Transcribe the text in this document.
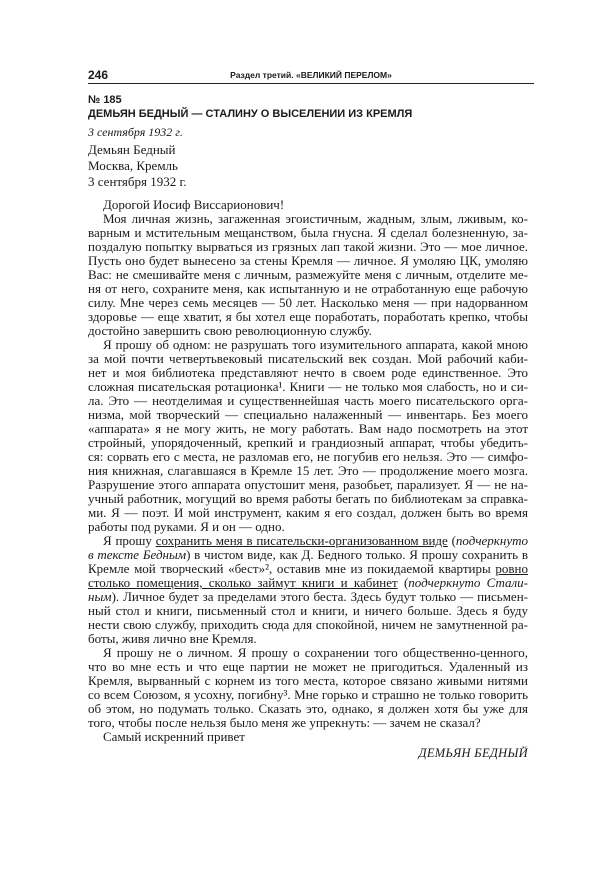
246	Раздел третий. «ВЕЛИКИЙ ПЕРЕЛОМ»
№ 185
ДЕМЬЯН БЕДНЫЙ — СТАЛИНУ О ВЫСЕЛЕНИИ ИЗ КРЕМЛЯ
3 сентября 1932 г.
Демьян Бедный
Москва, Кремль
3 сентября 1932 г.
Дорогой Иосиф Виссарионович!
Моя личная жизнь, загаженная эгоистичным, жадным, злым, лживым, ко-
варным и мстительным мещанством, была гнусна. Я сделал болезненную, за-
поздалую попытку вырваться из грязных лап такой жизни. Это — мое личное.
Пусть оно будет вынесено за стены Кремля — личное. Я умоляю ЦК, умоляю
Вас: не смешивайте меня с личным, размежуйте меня с личным, отделите ме-
ня от него, сохраните меня, как испытанную и не отработанную еще рабочую
силу. Мне через семь месяцев — 50 лет. Насколько меня — при надорванном
здоровье — еще хватит, я бы хотел еще поработать, поработать крепко, чтобы
достойно завершить свою революционную службу.
Я прошу об одном: не разрушать того изумительного аппарата, какой мною
за мой почти четвертьвековый писательский век создан. Мой рабочий каби-
нет и моя библиотека представляют нечто в своем роде единственное. Это
сложная писательская ротационка¹. Книги — не только моя слабость, но и си-
ла. Это — неотделимая и существеннейшая часть моего писательского орга-
низма, мой творческий — специально налаженный — инвентарь. Без моего
«аппарата» я не могу жить, не могу работать. Вам надо посмотреть на этот
стройный, упорядоченный, крепкий и грандиозный аппарат, чтобы убедить-
ся: сорвать его с места, не разломав его, не погубив его нельзя. Это — симфо-
ния книжная, слагавшаяся в Кремле 15 лет. Это — продолжение моего мозга.
Разрушение этого аппарата опустошит меня, разобьет, парализует. Я — не на-
учный работник, могущий во время работы бегать по библиотекам за справка-
ми. Я — поэт. И мой инструмент, каким я его создал, должен быть во время
работы под руками. Я и он — одно.
Я прошу сохранить меня в писательски-организованном виде (подчеркнуто
в тексте Бедным) в чистом виде, как Д. Бедного только. Я прошу сохранить в
Кремле мой творческий «бест»², оставив мне из покидаемой квартиры ровно
столько помещения, сколько займут книги и кабинет (подчеркнуто Стали-
ным). Личное будет за пределами этого беста. Здесь будут только — письмен-
ный стол и книги, письменный стол и книги, и ничего больше. Здесь я буду
нести свою службу, приходить сюда для спокойной, ничем не замутненной ра-
боты, живя лично вне Кремля.
Я прошу не о личном. Я прошу о сохранении того общественно-ценного,
что во мне есть и что еще партии не может не пригодиться. Удаленный из
Кремля, вырванный с корнем из того места, которое связано живыми нитями
со всем Союзом, я усохну, погибну³. Мне горько и страшно не только говорить
об этом, но подумать только. Сказать это, однако, я должен хотя бы уже для
того, чтобы после нельзя было меня же упрекнуть: — зачем не сказал?
Самый искренний привет
ДЕМЬЯН БЕДНЫЙ
